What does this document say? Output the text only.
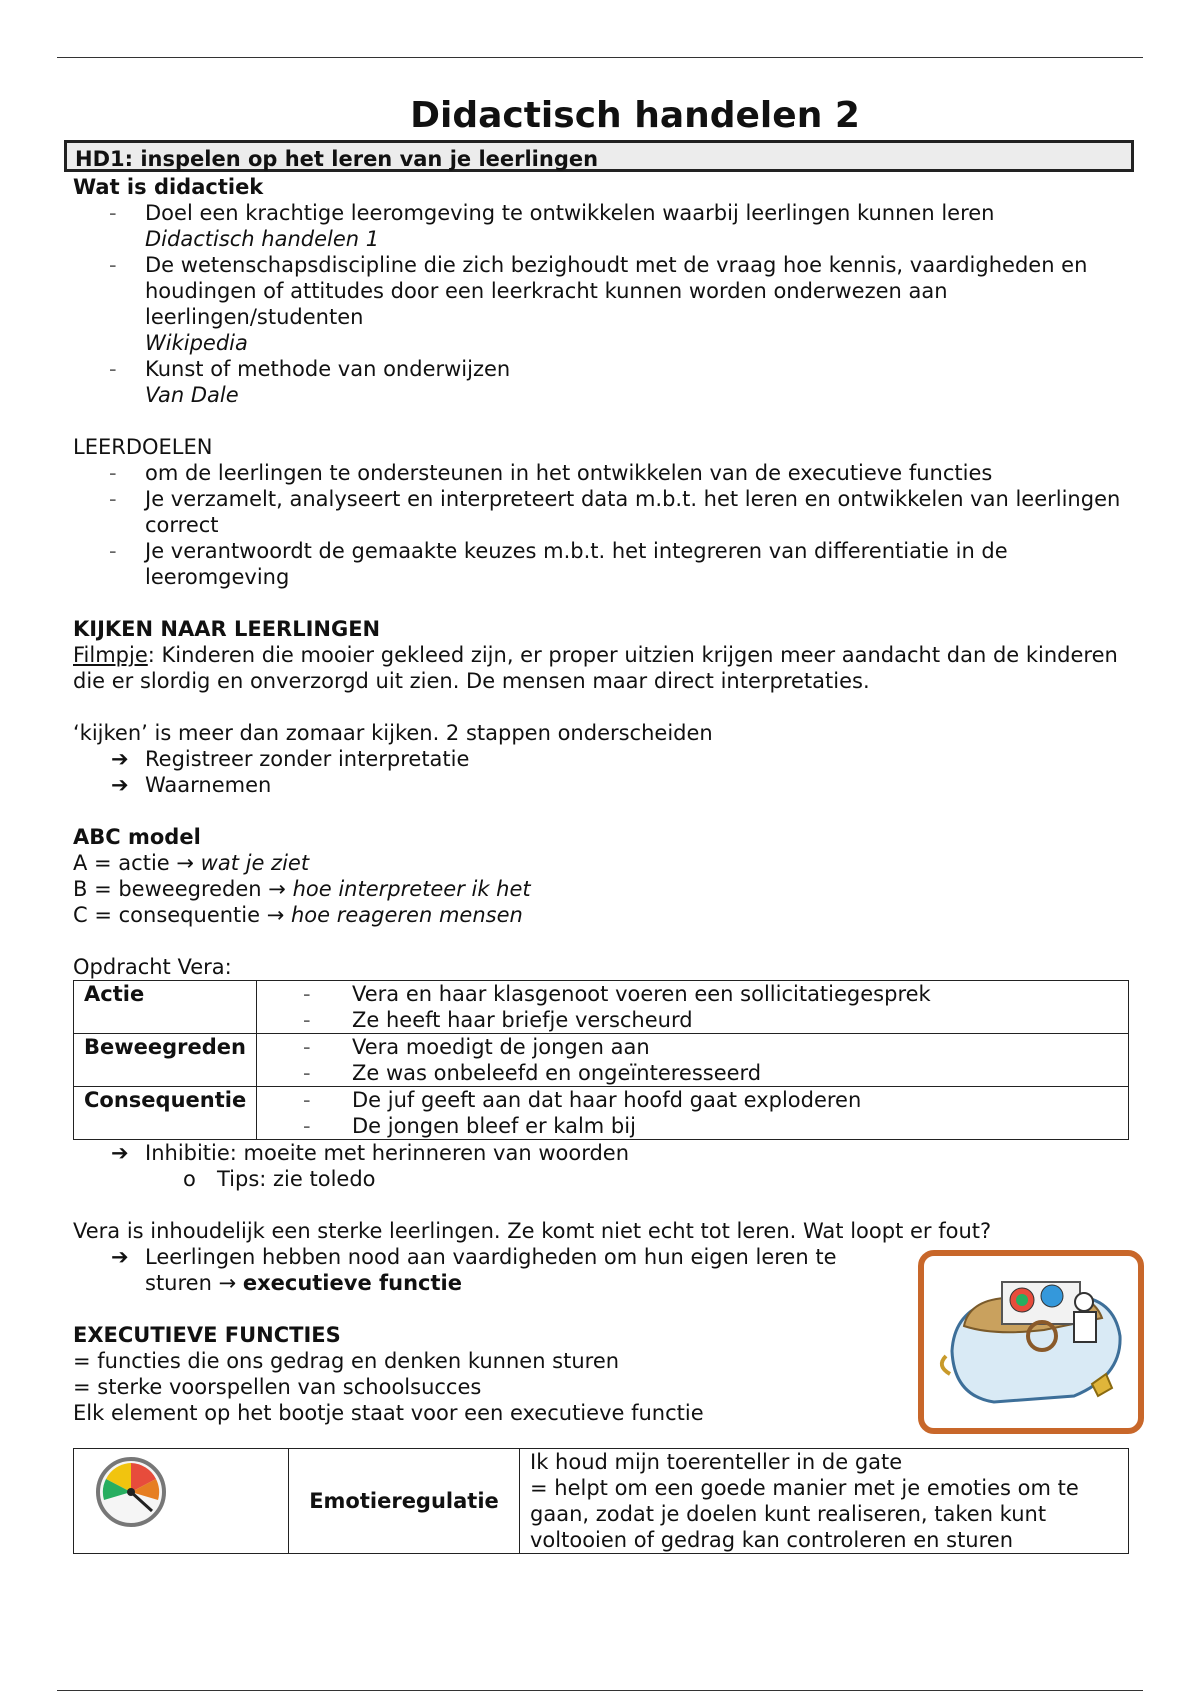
Didactisch handelen 2
HD1: inspelen op het leren van je leerlingen
Wat is didactiek
- Doel een krachtige leeromgeving te ontwikkelen waarbij leerlingen kunnen leren
Didactisch handelen 1
- De wetenschapsdiscipline die zich bezighoudt met de vraag hoe kennis, vaardigheden en houdingen of attitudes door een leerkracht kunnen worden onderwezen aan leerlingen/studenten
Wikipedia
- Kunst of methode van onderwijzen
Van Dale
LEERDOELEN
- om de leerlingen te ondersteunen in het ontwikkelen van de executieve functies
- Je verzamelt, analyseert en interpreteert data m.b.t. het leren en ontwikkelen van leerlingen correct
- Je verantwoordt de gemaakte keuzes m.b.t. het integreren van differentiatie in de leeromgeving
KIJKEN NAAR LEERLINGEN
Filmpje: Kinderen die mooier gekleed zijn, er proper uitzien krijgen meer aandacht dan de kinderen die er slordig en onverzorgd uit zien. De mensen maar direct interpretaties.
‘kijken’ is meer dan zomaar kijken. 2 stappen onderscheiden
➔ Registreer zonder interpretatie
➔ Waarnemen
ABC model
A = actie → wat je ziet
B = beweegreden → hoe interpreteer ik het
C = consequentie → hoe reageren mensen
Opdracht Vera:
Actie	- Vera en haar klasgenoot voeren een sollicitatiegesprek
- Ze heeft haar briefje verscheurd

Beweegreden	- Vera moedigt de jongen aan
- Ze was onbeleefd en ongeïnteresseerd

Consequentie	- De juf geeft aan dat haar hoofd gaat exploderen
- De jongen bleef er kalm bij
➔ Inhibitie: moeite met herinneren van woorden
o Tips: zie toledo
Vera is inhoudelijk een sterke leerlingen. Ze komt niet echt tot leren. Wat loopt er fout?
➔ Leerlingen hebben nood aan vaardigheden om hun eigen leren te
sturen → executieve functie
EXECUTIEVE FUNCTIES
= functies die ons gedrag en denken kunnen sturen
= sterke voorspellen van schoolsucces
Elk element op het bootje staat voor een executieve functie
	Emotieregulatie	
Ik houd mijn toerenteller in de gate
= helpt om een goede manier met je emoties om te gaan, zodat je doelen kunt realiseren, taken kunt voltooien of gedrag kan controleren en sturen
